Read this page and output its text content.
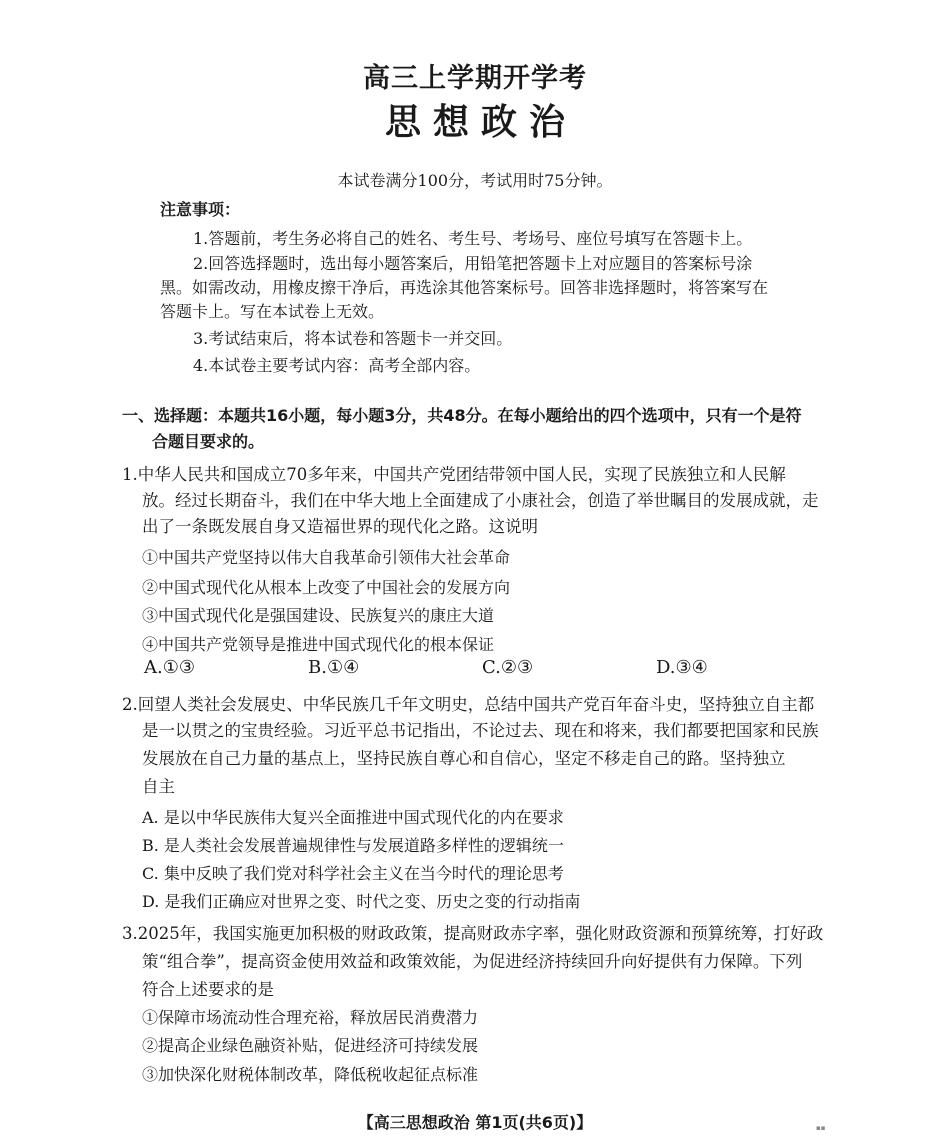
高三上学期开学考
思想政治
本试卷满分100分，考试用时75分钟。
注意事项：
1.答题前，考生务必将自己的姓名、考生号、考场号、座位号填写在答题卡上。
2.回答选择题时，选出每小题答案后，用铅笔把答题卡上对应题目的答案标号涂
黑。如需改动，用橡皮擦干净后，再选涂其他答案标号。回答非选择题时，将答案写在
答题卡上。写在本试卷上无效。
3.考试结束后，将本试卷和答题卡一并交回。
4.本试卷主要考试内容：高考全部内容。
一、选择题：本题共16小题，每小题3分，共48分。在每小题给出的四个选项中，只有一个是符
合题目要求的。
1.中华人民共和国成立70多年来，中国共产党团结带领中国人民，实现了民族独立和人民解
放。经过长期奋斗，我们在中华大地上全面建成了小康社会，创造了举世瞩目的发展成就，走
出了一条既发展自身又造福世界的现代化之路。这说明
①中国共产党坚持以伟大自我革命引领伟大社会革命
②中国式现代化从根本上改变了中国社会的发展方向
③中国式现代化是强国建设、民族复兴的康庄大道
④中国共产党领导是推进中国式现代化的根本保证
A.①③	B.①④	C.②③	D.③④
2.回望人类社会发展史、中华民族几千年文明史，总结中国共产党百年奋斗史，坚持独立自主都
是一以贯之的宝贵经验。习近平总书记指出，不论过去、现在和将来，我们都要把国家和民族
发展放在自己力量的基点上，坚持民族自尊心和自信心，坚定不移走自己的路。坚持独立
自主
A. 是以中华民族伟大复兴全面推进中国式现代化的内在要求
B. 是人类社会发展普遍规律性与发展道路多样性的逻辑统一
C. 集中反映了我们党对科学社会主义在当今时代的理论思考
D. 是我们正确应对世界之变、时代之变、历史之变的行动指南
3.2025年，我国实施更加积极的财政政策，提高财政赤字率，强化财政资源和预算统筹，打好政
策“组合拳”，提高资金使用效益和政策效能，为促进经济持续回升向好提供有力保障。下列
符合上述要求的是
①保障市场流动性合理充裕，释放居民消费潜力
②提高企业绿色融资补贴，促进经济可持续发展
③加快深化财税体制改革，降低税收起征点标准
【高三思想政治 第1页(共6页)】	▪▪
